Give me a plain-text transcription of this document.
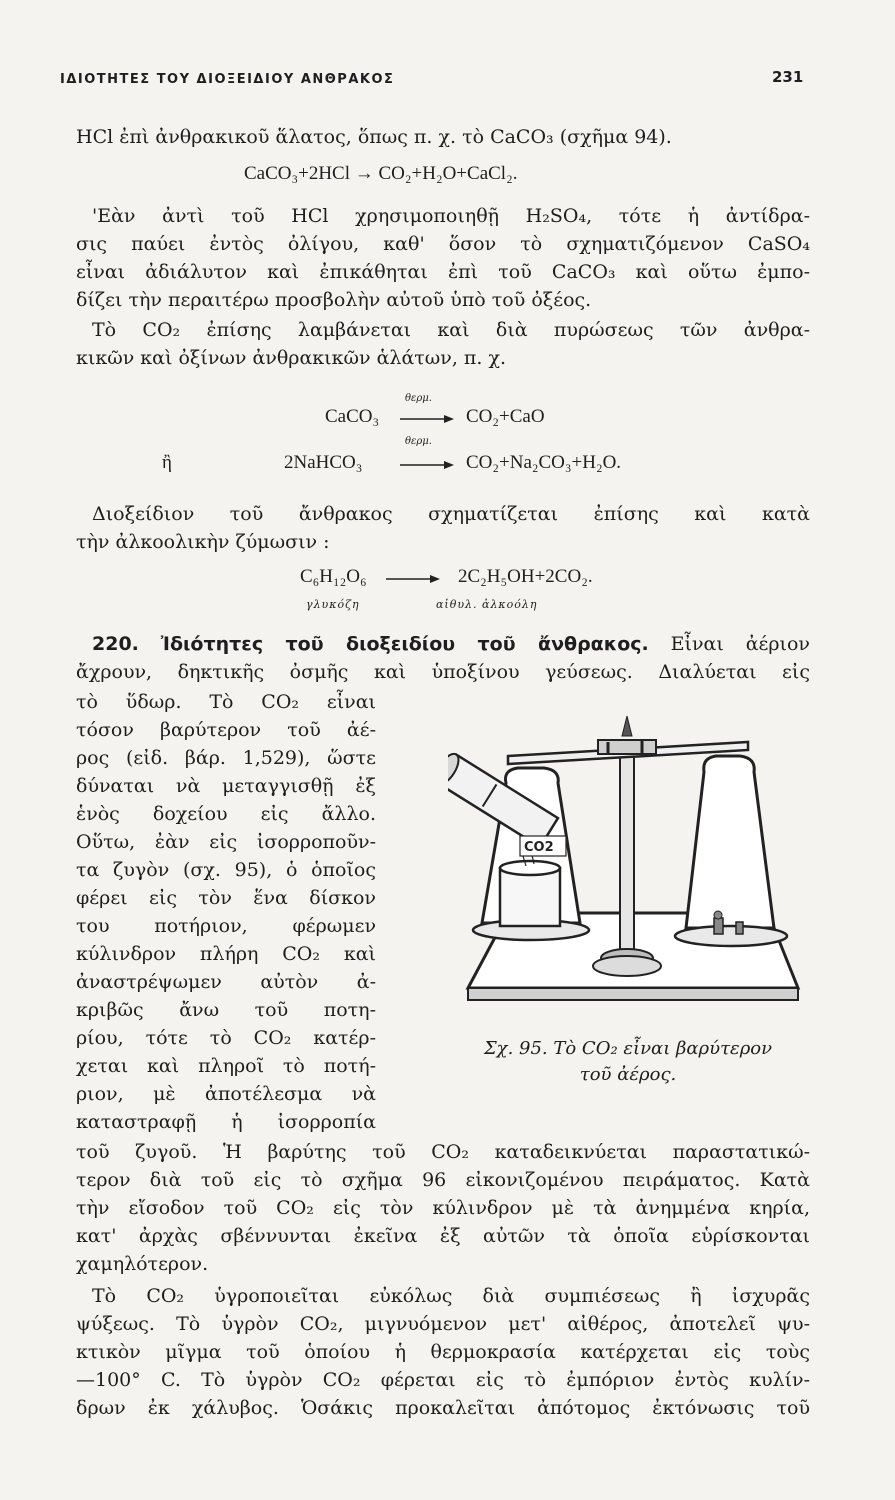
ΙΔΙΟΤΗΤΕΣ ΤΟΥ ΔΙΟΞΕΙΔΙΟΥ ΑΝΘΡΑΚΟΣ	231
HCl ἐπὶ ἀνθρακικοῦ ἅλατος, ὅπως π. χ. τὸ CaCO₃ (σχῆμα 94).
CaCO₃+2HCl → CO₂+H₂O+CaCl₂.
'Εὰν ἀντὶ τοῦ HCl χρησιμοποιηθῇ H₂SO₄, τότε ἡ ἀντίδρα-
σις παύει ἐντὸς ὀλίγου, καθ' ὅσον τὸ σχηματιζόμενον CaSO₄
εἶναι ἀδιάλυτον καὶ ἐπικάθηται ἐπὶ τοῦ CaCO₃ καὶ οὕτω ἐμπο-
δίζει τὴν περαιτέρω προσβολὴν αὐτοῦ ὑπὸ τοῦ ὀξέος.
Τὸ CO₂ ἐπίσης λαμβάνεται καὶ διὰ πυρώσεως τῶν ἀνθρα-
κικῶν καὶ ὀξίνων ἀνθρακικῶν ἁλάτων, π. χ.
θερμ.
CaCO₃ → CO₂+CaO
ἢ
θερμ.
2NaHCO₃ → CO₂+Na₂CO₃+H₂O.
Διοξείδιον τοῦ ἄνθρακος σχηματίζεται ἐπίσης καὶ κατὰ
τὴν ἀλκοολικὴν ζύμωσιν :
C₆H₁₂O₆ → 2C₂H₅OH+2CO₂.
γλυκόζη	αἰθυλ. ἀλκοόλη
220. Ἰδιότητες τοῦ διοξειδίου τοῦ ἄνθρακος. Εἶναι ἀέριον
ἄχρουν, δηκτικῆς ὀσμῆς καὶ ὑποξίνου γεύσεως. Διαλύεται εἰς
τὸ ὕδωρ. Τὸ CO₂ εἶναι
τόσον βαρύτερον τοῦ ἀέ-
ρος (εἰδ. βάρ. 1,529), ὥστε
δύναται νὰ μεταγγισθῇ ἐξ
ἑνὸς δοχείου εἰς ἄλλο.
Οὕτω, ἐὰν εἰς ἰσορροποῦν-
τα ζυγὸν (σχ. 95), ὁ ὁποῖος
φέρει εἰς τὸν ἕνα δίσκον
του ποτήριον, φέρωμεν
κύλινδρον πλήρη CO₂ καὶ
ἀναστρέψωμεν αὐτὸν ἀ-
κριβῶς ἄνω τοῦ ποτη-
ρίου, τότε τὸ CO₂ κατέρ-
χεται καὶ πληροῖ τὸ ποτή-
ριον, μὲ ἀποτέλεσμα νὰ
καταστραφῇ ἡ ἰσορροπία
CO2
Σχ. 95. Τὸ CO₂ εἶναι βαρύτερον
τοῦ ἀέρος.
τοῦ ζυγοῦ. Ἡ βαρύτης τοῦ CO₂ καταδεικνύεται παραστατικώ-
τερον διὰ τοῦ εἰς τὸ σχῆμα 96 εἰκονιζομένου πειράματος. Κατὰ
τὴν εἴσοδον τοῦ CO₂ εἰς τὸν κύλινδρον μὲ τὰ ἀνημμένα κηρία,
κατ' ἀρχὰς σβέννυνται ἐκεῖνα ἐξ αὐτῶν τὰ ὁποῖα εὑρίσκονται
χαμηλότερον.
Τὸ CO₂ ὑγροποιεῖται εὐκόλως διὰ συμπιέσεως ἢ ἰσχυρᾶς
ψύξεως. Τὸ ὑγρὸν CO₂, μιγνυόμενον μετ' αἰθέρος, ἀποτελεῖ ψυ-
κτικὸν μῖγμα τοῦ ὁποίου ἡ θερμοκρασία κατέρχεται εἰς τοὺς
—100° C. Τὸ ὑγρὸν CO₂ φέρεται εἰς τὸ ἐμπόριον ἐντὸς κυλίν-
δρων ἐκ χάλυβος. Ὁσάκις προκαλεῖται ἀπότομος ἐκτόνωσις τοῦ
